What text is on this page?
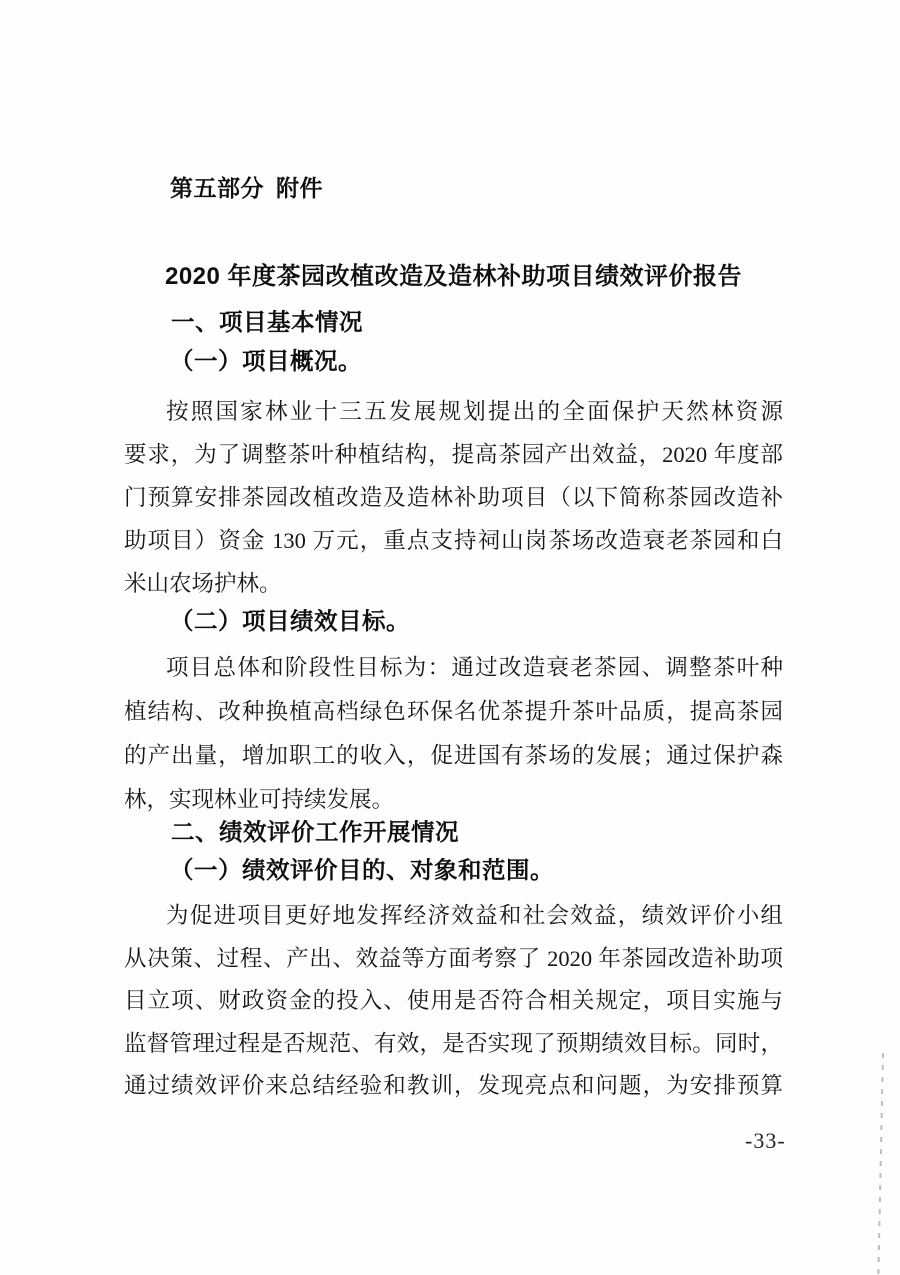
第五部分 附件
2020 年度茶园改植改造及造林补助项目绩效评价报告
一、项目基本情况
（一）项目概况。
按照国家林业十三五发展规划提出的全面保护天然林资源
要求，为了调整茶叶种植结构，提高茶园产出效益，2020 年度部
门预算安排茶园改植改造及造林补助项目（以下简称茶园改造补
助项目）资金 130 万元，重点支持祠山岗茶场改造衰老茶园和白
米山农场护林。
（二）项目绩效目标。
项目总体和阶段性目标为：通过改造衰老茶园、调整茶叶种
植结构、改种换植高档绿色环保名优茶提升茶叶品质，提高茶园
的产出量，增加职工的收入，促进国有茶场的发展；通过保护森
林，实现林业可持续发展。
二、绩效评价工作开展情况
（一）绩效评价目的、对象和范围。
为促进项目更好地发挥经济效益和社会效益，绩效评价小组
从决策、过程、产出、效益等方面考察了 2020 年茶园改造补助项
目立项、财政资金的投入、使用是否符合相关规定，项目实施与
监督管理过程是否规范、有效，是否实现了预期绩效目标。同时，
通过绩效评价来总结经验和教训，发现亮点和问题，为安排预算
-33-
